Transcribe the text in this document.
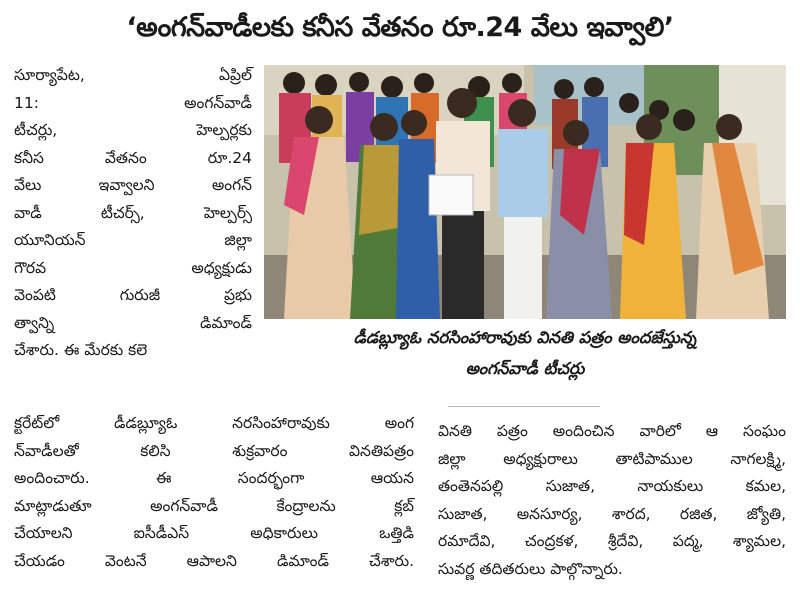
‘అంగన్‌వాడీలకు కనీస వేతనం రూ.24 వేలు ఇవ్వాలి’

సూర్యాపేట, ఏప్రిల్

11: అంగన్‌వాడీ

టీచర్లు, హెల్పర్లకు

కనీస వేతనం రూ.24

వేలు ఇవ్వాలని అంగన్

వాడీ టీచర్స్, హెల్పర్స్

యూనియన్ జిల్లా

గౌరవ అధ్యక్షుడు

వెంపటి గురుజీ ప్రభు

త్వాన్ని డిమాండ్

చేశారు. ఈ మేరకు కలె

డీడబ్ల్యూఓ నరసింహారావుకు వినతి పత్రం అందజేస్తున్న
అంగన్‌వాడీ టీచర్లు

క్టరేట్‌లో డీడబ్ల్యూఓ నరసింహారావుకు అంగ

న్‌వాడీలతో కలిసి శుక్రవారం వినతిపత్రం

అందించారు. ఈ సందర్భంగా ఆయన

మాట్లాడుతూ అంగన్‌వాడీ కేంద్రాలను క్లబ్

చేయాలని ఐసీడీఎస్ అధికారులు ఒత్తిడి

చేయడం వెంటనే ఆపాలని డిమాండ్ చేశారు.

వినతి పత్రం అందించిన వారిలో ఆ సంఘం

జిల్లా అధ్యక్షురాలు తాటిపాముల నాగలక్ష్మి,

తంతెనపల్లి సుజాత, నాయకులు కమల,

సుజాత, అనసూర్య, శారద, రజిత, జ్యోతి,

రమాదేవి, చంద్రకళ, శ్రీదేవి, పద్మ, శ్యామల,

సువర్ణ తదితరులు పాల్గొన్నారు.
